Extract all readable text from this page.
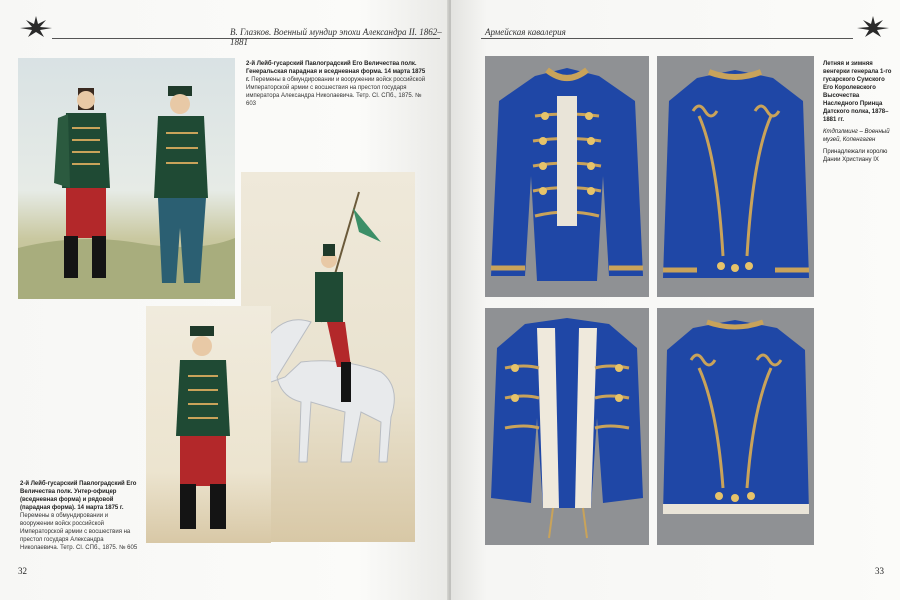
В. Глазков. Военный мундир эпохи Александра II. 1862–1881
2-й Лейб-гусарский Павлоградский Его Величества полк. Генеральская парадная и вседневная форма. 14 марта 1875 г. Перемены в обмундировании и вооружении войск российской Императорской армии с восшествия на престол государя императора Александра Николаевича. Тетр. СI. СПб., 1875. № 603
2-й Лейб-гусарский Павлоградский Его Величества полк. Унтер-офицер (вседневная форма) и рядовой (парадная форма). 14 марта 1875 г. Перемены в обмундировании и вооружении войск российской Императорской армии с восшествия на престол государя Александра Николаевича. Тетр. СI. СПб., 1875. № 605
32
Армейская кавалерия
Летняя и зимняя венгерки генерала 1-го гусарского Сумского Его Королевского Высочества Наследного Принца Датского полка, 1878–1881 гг.
Ктдпзлминг – Военный музей, Копенгаген
Принадлежали королю Дании Христиану IX
33
